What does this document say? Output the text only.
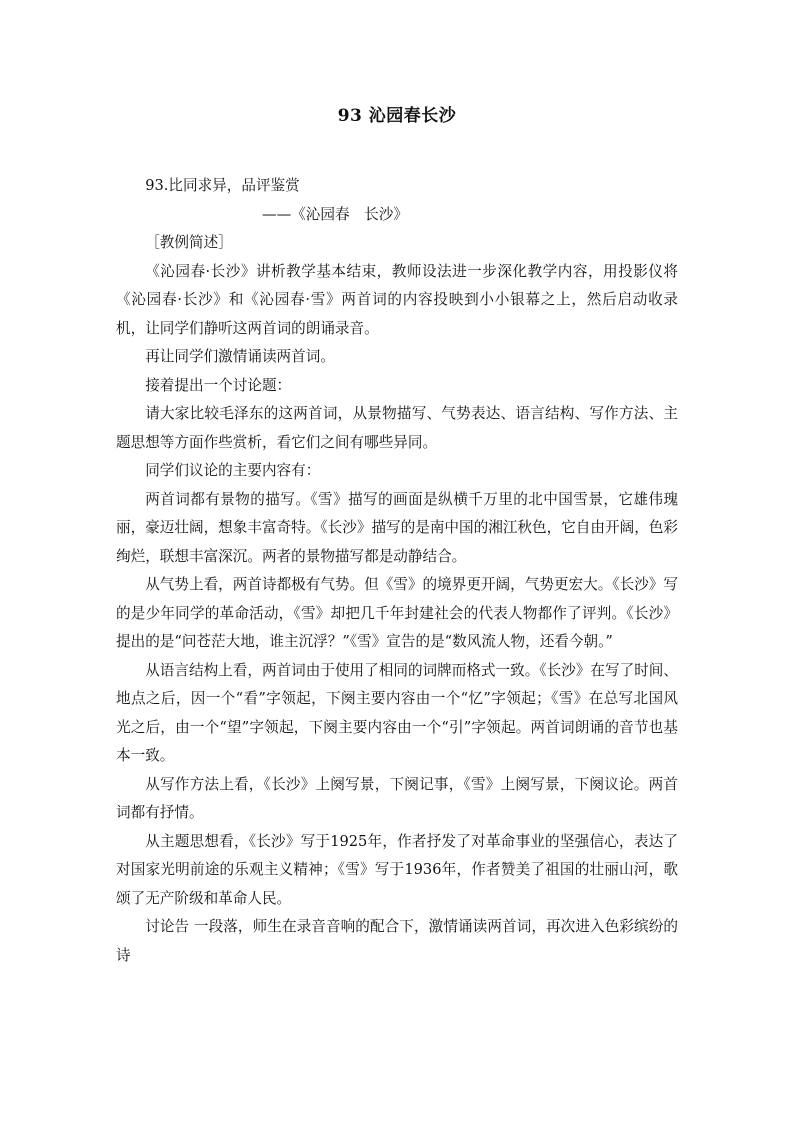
93 沁园春长沙

93.比同求异，品评鉴赏

——《沁园春　长沙》

［教例简述］

《沁园春·长沙》讲析教学基本结束，教师设法进一步深化教学内容，用投影仪将《沁园春·长沙》和《沁园春·雪》两首词的内容投映到小小银幕之上，然后启动收录机，让同学们静听这两首词的朗诵录音。

再让同学们激情诵读两首词。

接着提出一个讨论题：

请大家比较毛泽东的这两首词，从景物描写、气势表达、语言结构、写作方法、主题思想等方面作些赏析，看它们之间有哪些异同。

同学们议论的主要内容有：

两首词都有景物的描写。《雪》描写的画面是纵横千万里的北中国雪景，它雄伟瑰丽，豪迈壮阔，想象丰富奇特。《长沙》描写的是南中国的湘江秋色，它自由开阔，色彩绚烂，联想丰富深沉。两者的景物描写都是动静结合。

从气势上看，两首诗都极有气势。但《雪》的境界更开阔，气势更宏大。《长沙》写的是少年同学的革命活动，《雪》却把几千年封建社会的代表人物都作了评判。《长沙》提出的是“问苍茫大地，谁主沉浮？”《雪》宣告的是“数风流人物，还看今朝。”

从语言结构上看，两首词由于使用了相同的词牌而格式一致。《长沙》在写了时间、地点之后，因一个“看”字领起，下阕主要内容由一个“忆”字领起；《雪》在总写北国风光之后，由一个“望”字领起，下阕主要内容由一个“引”字领起。两首词朗诵的音节也基本一致。

从写作方法上看，《长沙》上阕写景，下阕记事，《雪》上阕写景，下阕议论。两首词都有抒情。

从主题思想看，《长沙》写于1925年，作者抒发了对革命事业的坚强信心，表达了对国家光明前途的乐观主义精神；《雪》写于1936年，作者赞美了祖国的壮丽山河，歌颂了无产阶级和革命人民。

讨论告 一段落，师生在录音音响的配合下，激情诵读两首词，再次进入色彩缤纷的诗
